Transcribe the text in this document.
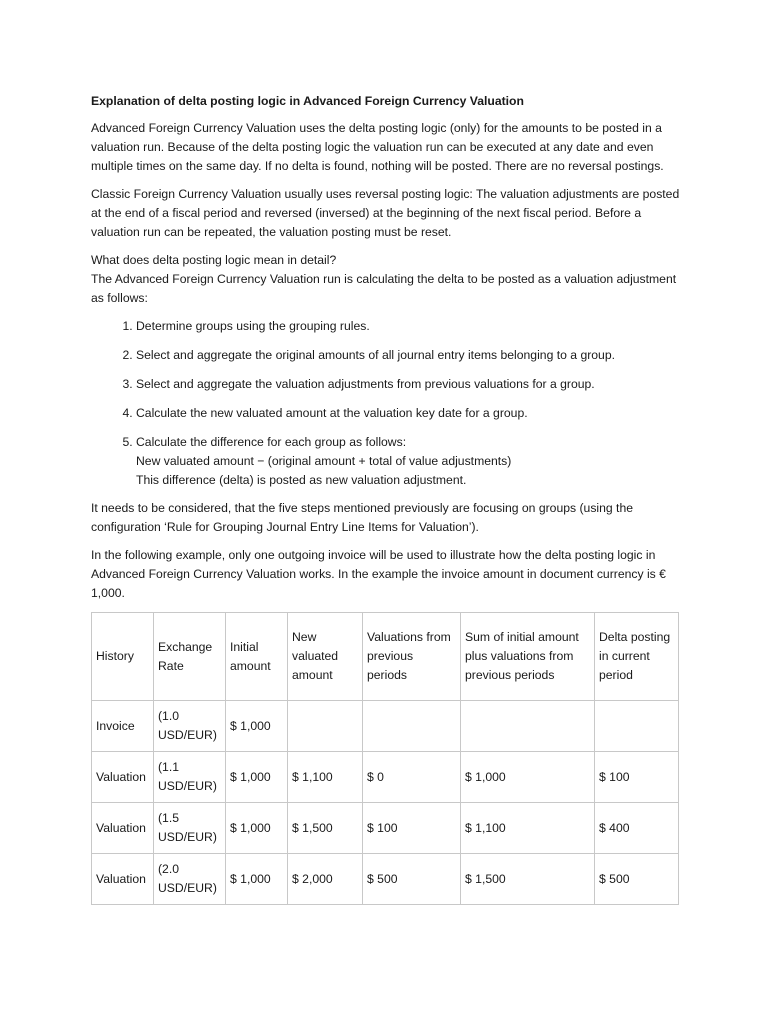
Explanation of delta posting logic in Advanced Foreign Currency Valuation

Advanced Foreign Currency Valuation uses the delta posting logic (only) for the amounts to be posted in a valuation run. Because of the delta posting logic the valuation run can be executed at any date and even multiple times on the same day. If no delta is found, nothing will be posted. There are no reversal postings.

Classic Foreign Currency Valuation usually uses reversal posting logic: The valuation adjustments are posted at the end of a fiscal period and reversed (inversed) at the beginning of the next fiscal period. Before a valuation run can be repeated, the valuation posting must be reset.

What does delta posting logic mean in detail?

The Advanced Foreign Currency Valuation run is calculating the delta to be posted as a valuation adjustment as follows:

1. Determine groups using the grouping rules.
2. Select and aggregate the original amounts of all journal entry items belonging to a group.
3. Select and aggregate the valuation adjustments from previous valuations for a group.
4. Calculate the new valuated amount at the valuation key date for a group.
5. Calculate the difference for each group as follows:
New valuated amount − (original amount + total of value adjustments)
This difference (delta) is posted as new valuation adjustment.

It needs to be considered, that the five steps mentioned previously are focusing on groups (using the configuration ‘Rule for Grouping Journal Entry Line Items for Valuation’).

In the following example, only one outgoing invoice will be used to illustrate how the delta posting logic in Advanced Foreign Currency Valuation works. In the example the invoice amount in document currency is € 1,000.

History	Exchange Rate	Initial amount	New valuated amount	Valuations from previous periods	Sum of initial amount plus valuations from previous periods	Delta posting in current period
Invoice	(1.0 USD/EUR)	$ 1,000				
Valuation	(1.1 USD/EUR)	$ 1,000	$ 1,100	$ 0	$ 1,000	$ 100
Valuation	(1.5 USD/EUR)	$ 1,000	$ 1,500	$ 100	$ 1,100	$ 400
Valuation	(2.0 USD/EUR)	$ 1,000	$ 2,000	$ 500	$ 1,500	$ 500
